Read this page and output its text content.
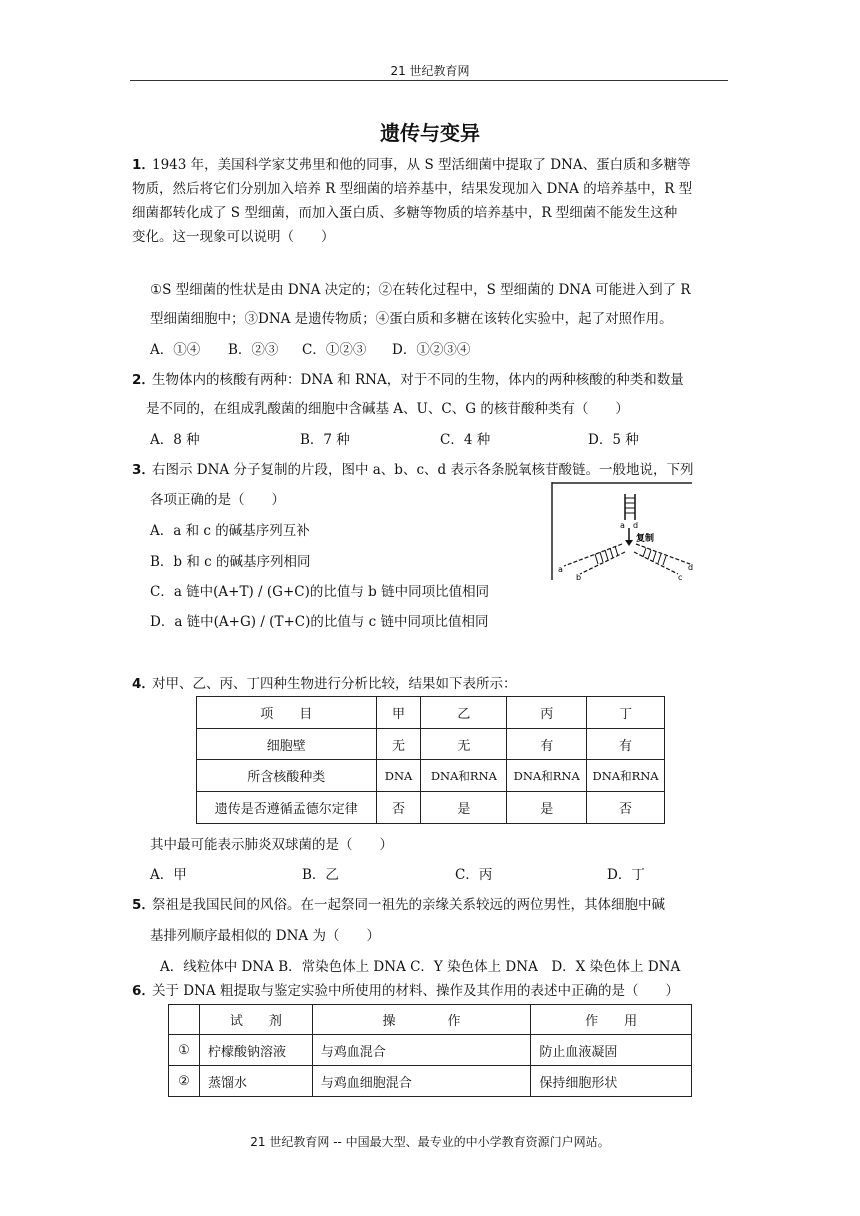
21 世纪教育网
遗传与变异
1．
1943 年，美国科学家艾弗里和他的同事，从 S 型活细菌中提取了 DNA、蛋白质和多糖等
物质，然后将它们分别加入培养 R 型细菌的培养基中，结果发现加入 DNA 的培养基中，R 型
细菌都转化成了 S 型细菌，而加入蛋白质、多糖等物质的培养基中，R 型细菌不能发生这种
变化。这一现象可以说明（　　）
①S 型细菌的性状是由 DNA 决定的；②在转化过程中，S 型细菌的 DNA 可能进入到了 R
型细菌细胞中；③DNA 是遗传物质；④蛋白质和多糖在该转化实验中，起了对照作用。
A．①④ B．②③ C．①②③ D．①②③④
2．
生物体内的核酸有两种：DNA 和 RNA，对于不同的生物，体内的两种核酸的种类和数量
是不同的，在组成乳酸菌的细胞中含碱基 A、U、C、G 的核苷酸种类有（　　）
A．8 种	B．7 种	C．4 种	D．5 种
3．
右图示 DNA 分子复制的片段，图中 a、b、c、d 表示各条脱氧核苷酸链。一般地说，下列
各项正确的是（　　）
A．a 和 c 的碱基序列互补
B．b 和 c 的碱基序列相同
C．a 链中(A+T) / (G+C)的比值与 b 链中同项比值相同
D．a 链中(A+G) / (T+C)的比值与 c 链中同项比值相同
a d
复制
a
b	c
d
4．
对甲、乙、丙、丁四种生物进行分析比较，结果如下表所示：
项　　目	甲	乙	丙	丁
细胞壁	无	无	有	有
所含核酸种类	DNA	DNA和RNA	DNA和RNA	DNA和RNA
遗传是否遵循孟德尔定律	否	是	是	否
其中最可能表示肺炎双球菌的是（　　）
A．甲	B．乙	C．丙	D．丁
5．
祭祖是我国民间的风俗。在一起祭同一祖先的亲缘关系较远的两位男性，其体细胞中碱
基排列顺序最相似的 DNA 为（　　）
A．线粒体中 DNA B．常染色体上 DNA C．Y 染色体上 DNA　D．X 染色体上 DNA
6．
关于 DNA 粗提取与鉴定实验中所使用的材料、操作及其作用的表述中正确的是（　　）
	试　　剂	操　　　　作	作　　用
①	柠檬酸钠溶液	与鸡血混合	防止血液凝固
②	蒸馏水	与鸡血细胞混合	保持细胞形状
21 世纪教育网 -- 中国最大型、最专业的中小学教育资源门户网站。
